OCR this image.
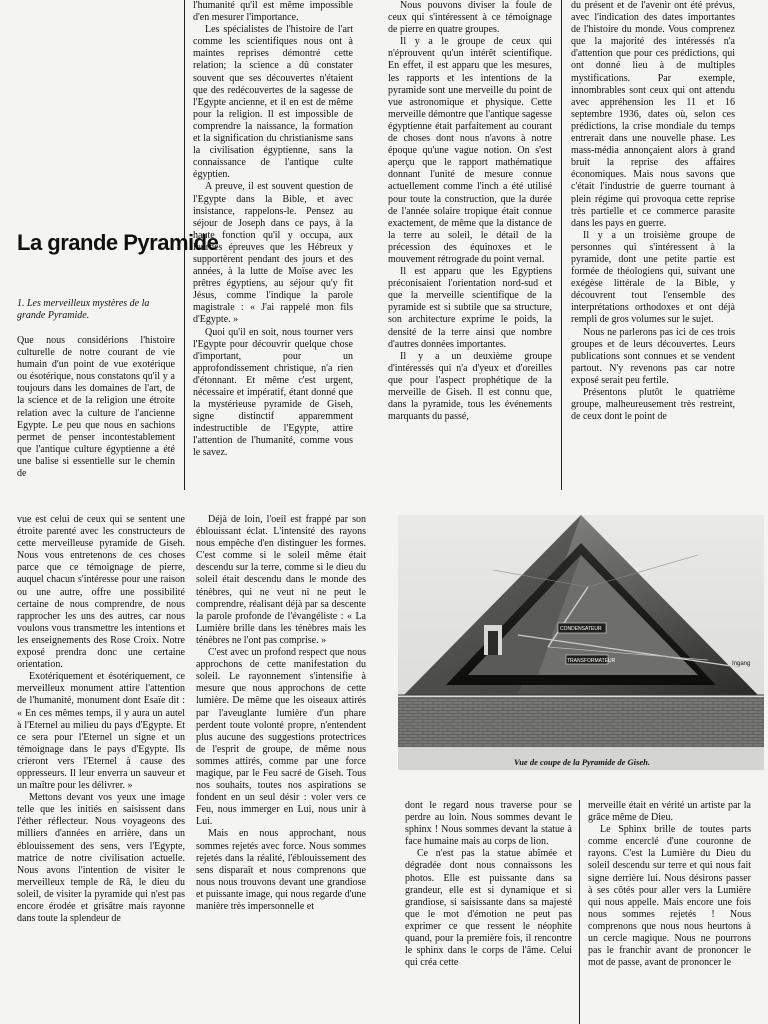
La grande Pyramide

1. Les merveilleux mystères de la grande Pyramide.

Que nous considérions l'histoire culturelle de notre courant de vie humain d'un point de vue exotérique ou ésotérique, nous constatons qu'il y a toujours dans les domaines de l'art, de la science et de la religion une étroite relation avec la culture de l'ancienne Egypte. Le peu que nous en sachions permet de penser incontestablement que l'antique culture égyptienne a été une balise si essentielle sur le chemin de

l'humanité qu'il est même impossible d'en mesurer l'importance.

Les spécialistes de l'histoire de l'art comme les scientifiques nous ont à maintes reprises démontré cette relation; la science a dû constater souvent que ses découvertes n'étaient que des redécouvertes de la sagesse de l'Egypte ancienne, et il en est de même pour la religion. Il est impossible de comprendre la naissance, la formation et la signification du christianisme sans la civilisation égyptienne, sans la connaissance de l'antique culte égyptien.

A preuve, il est souvent question de l'Egypte dans la Bible, et avec insistance, rappelons-le. Pensez au séjour de Joseph dans ce pays, à la haute fonction qu'il y occupa, aux lourdes épreuves que les Hébreux y supportèrent pendant des jours et des années, à la lutte de Moïse avec les prêtres égyptiens, au séjour qu'y fit Jésus, comme l'indique la parole magistrale : « J'ai rappelé mon fils d'Egypte. »

Quoi qu'il en soit, nous tourner vers l'Egypte pour découvrir quelque chose d'important, pour un approfondissement christique, n'a rien d'étonnant. Et même c'est urgent, nécessaire et impératif, étant donné que la mystérieuse pyramide de Giseh, signe distinctif apparemment indestructible de l'Egypte, attire l'attention de l'humanité, comme vous le savez.

Nous pouvons diviser la foule de ceux qui s'intéressent à ce témoignage de pierre en quatre groupes.

Il y a le groupe de ceux qui n'éprouvent qu'un intérêt scientifique. En effet, il est apparu que les mesures, les rapports et les intentions de la pyramide sont une merveille du point de vue astronomique et physique. Cette merveille démontre que l'antique sagesse égyptienne était parfaitement au courant de choses dont nous n'avons à notre époque qu'une vague notion. On s'est aperçu que le rapport mathématique donnant l'unité de mesure connue actuellement comme l'inch a été utilisé pour toute la construction, que la durée de l'année solaire tropique était connue exactement, de même que la distance de la terre au soleil, le détail de la précession des équinoxes et le mouvement rétrograde du point vernal.

Il est apparu que les Egyptiens préconisaient l'orientation nord-sud et que la merveille scientifique de la pyramide est si subtile que sa structure, son architecture exprime le poids, la densité de la terre ainsi que nombre d'autres données importantes.

Il y a un deuxième groupe d'intéressés qui n'a d'yeux et d'oreilles que pour l'aspect prophétique de la merveille de Giseh. Il est connu que, dans la pyramide, tous les événements marquants du passé,

du présent et de l'avenir ont été prévus, avec l'indication des dates importantes de l'histoire du monde. Vous comprenez que la majorité des intéressés n'a d'attention que pour ces prédictions, qui ont donné lieu à de multiples mystifications. Par exemple, innombrables sont ceux qui ont attendu avec appréhension les 11 et 16 septembre 1936, dates où, selon ces prédictions, la crise mondiale du temps entrerait dans une nouvelle phase. Les mass-média annonçaient alors à grand bruit la reprise des affaires économiques. Mais nous savons que c'était l'industrie de guerre tournant à plein régime qui provoqua cette reprise très partielle et ce commerce parasite dans les pays en guerre.

Il y a un troisième groupe de personnes qui s'intéressent à la pyramide, dont une petite partie est formée de théologiens qui, suivant une exégèse littérale de la Bible, y découvrent tout l'ensemble des interprétations orthodoxes et ont déjà rempli de gros volumes sur le sujet.

Nous ne parlerons pas ici de ces trois groupes et de leurs découvertes. Leurs publications sont connues et se vendent partout. N'y revenons pas car notre exposé serait peu fertile.

Présentons plutôt le quatrième groupe, malheureusement très restreint, de ceux dont le point de

vue est celui de ceux qui se sentent une étroite parenté avec les constructeurs de cette merveilleuse pyramide de Giseh. Nous vous entretenons de ces choses parce que ce témoignage de pierre, auquel chacun s'intéresse pour une raison ou une autre, offre une possibilité certaine de nous comprendre, de nous rapprocher les uns des autres, car nous voulons vous transmettre les intentions et les enseignements des Rose Croix. Notre exposé prendra donc une certaine orientation.

Exotériquement et ésotériquement, ce merveilleux monument attire l'attention de l'humanité, monument dont Esaïe dit : « En ces mêmes temps, il y aura un autel à l'Eternel au milieu du pays d'Egypte. Et ce sera pour l'Eternel un signe et un témoignage dans le pays d'Egypte. Ils crieront vers l'Eternel à cause des oppresseurs. Il leur enverra un sauveur et un maître pour les délivrer. »

Mettons devant vos yeux une image telle que les initiés en saisissent dans l'éther réflecteur. Nous voyageons des milliers d'années en arrière, dans un éblouissement des sens, vers l'Egypte, matrice de notre civilisation actuelle. Nous avons l'intention de visiter le merveilleux temple de Râ, le dieu du soleil, de visiter la pyramide qui n'est pas encore érodée et grisâtre mais rayonne dans toute la splendeur de

Déjà de loin, l'oeil est frappé par son éblouissant éclat. L'intensité des rayons nous empêche d'en distinguer les formes. C'est comme si le soleil même était descendu sur la terre, comme si le dieu du soleil était descendu dans le monde des ténèbres, qui ne veut ni ne peut le comprendre, réalisant déjà par sa descente la parole profonde de l'évangéliste : « La Lumière brille dans les ténèbres mais les ténèbres ne l'ont pas comprise. »

C'est avec un profond respect que nous approchons de cette manifestation du soleil. Le rayonnement s'intensifie à mesure que nous approchons de cette lumière. De même que les oiseaux attirés par l'aveuglante lumière d'un phare perdent toute volonté propre, n'entendent plus aucune des suggestions protectrices de l'esprit de groupe, de même nous sommes attirés, comme par une force magique, par le Feu sacré de Giseh. Tous nos souhaits, toutes nos aspirations se fondent en un seul désir : voler vers ce Feu, nous immerger en Lui, nous unir à Lui.

Mais en nous approchant, nous sommes rejetés avec force. Nous sommes rejetés dans la réalité, l'éblouissement des sens disparaît et nous comprenons que nous nous trouvons devant une grandiose et puissante image, qui nous regarde d'une manière très impersonnelle et

CONDENSATEUR
TRANSFORMATEUR	Ingang
Vue de coupe de la Pyramide de Giseh.

dont le regard nous traverse pour se perdre au loin. Nous sommes devant le sphinx ! Nous sommes devant la statue à face humaine mais au corps de lion.

Ce n'est pas la statue abîmée et dégradée dont nous connaissons les photos. Elle est puissante dans sa grandeur, elle est si dynamique et si grandiose, si saisissante dans sa majesté que le mot d'émotion ne peut pas exprimer ce que ressent le néophite quand, pour la première fois, il rencontre le sphinx dans le corps de l'âme. Celui qui créa cette

merveille était en vérité un artiste par la grâce même de Dieu.

Le Sphinx brille de toutes parts comme encerclé d'une couronne de rayons. C'est la Lumière du Dieu du soleil descendu sur terre et qui nous fait signe derrière lui. Nous désirons passer à ses côtés pour aller vers la Lumière qui nous appelle. Mais encore une fois nous sommes rejetés ! Nous comprenons que nous nous heurtons à un cercle magique. Nous ne pourrons pas le franchir avant de prononcer le mot de passe, avant de prononcer le
